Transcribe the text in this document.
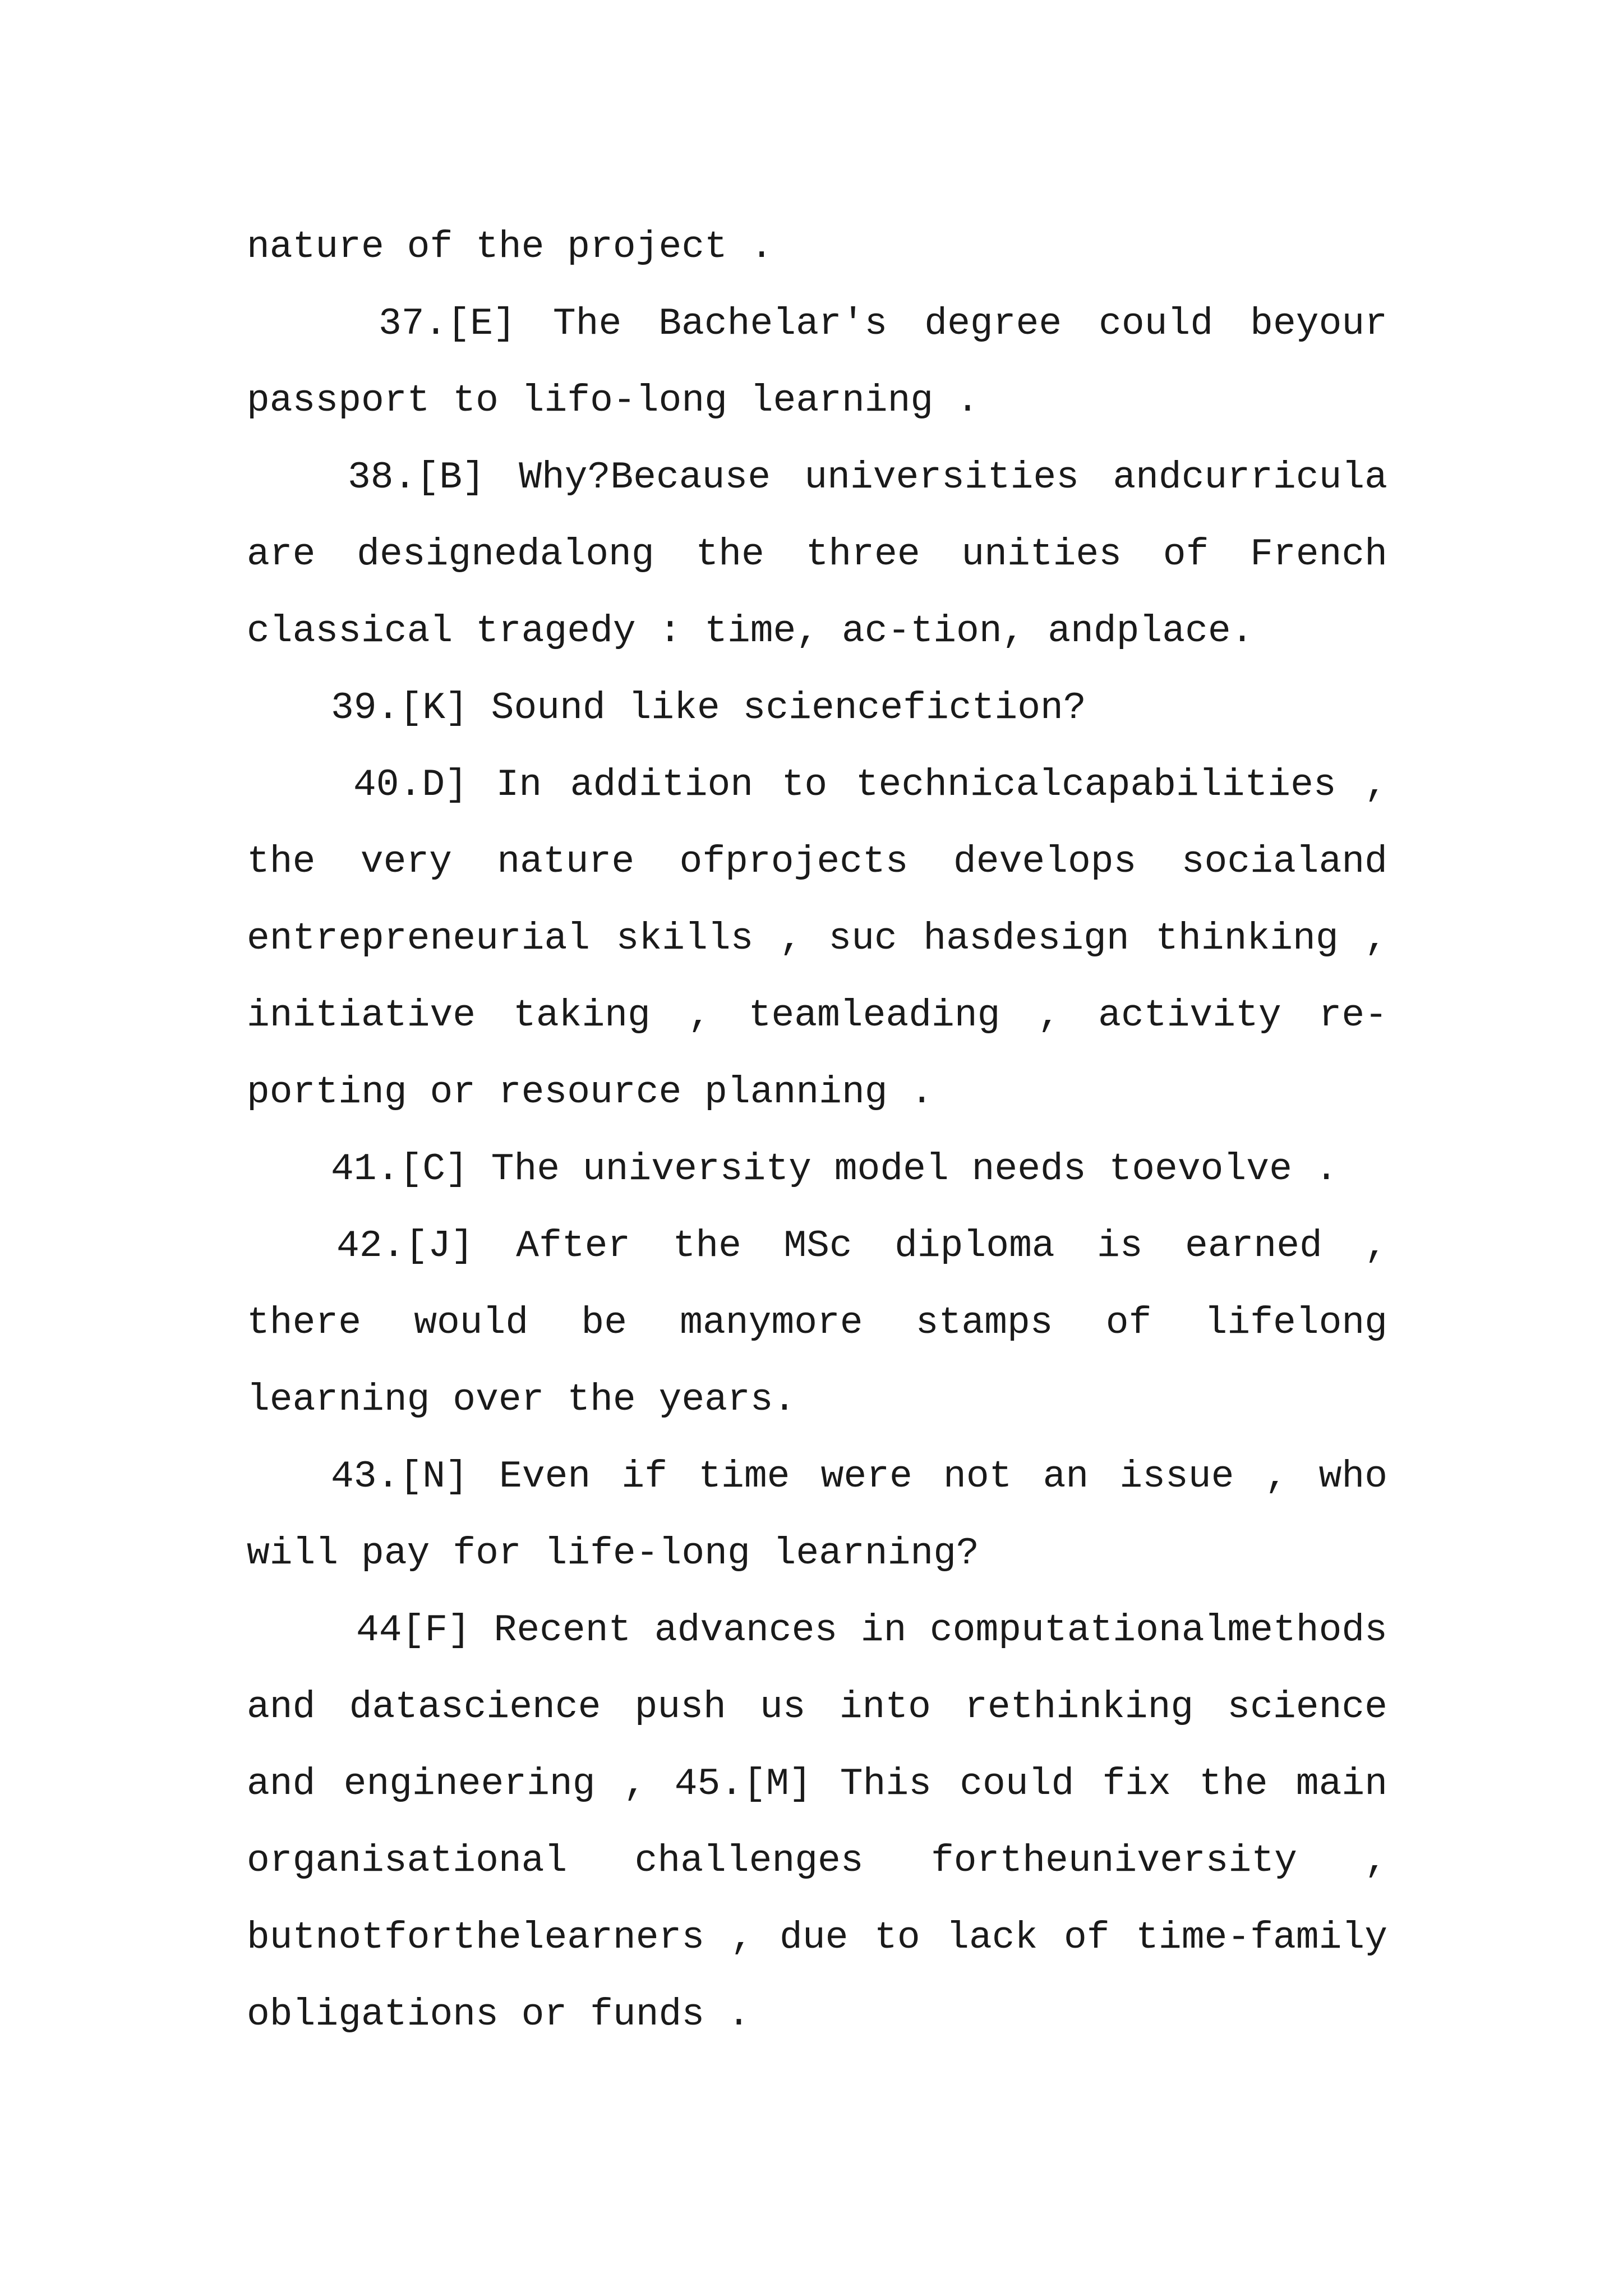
nature of the project .

37.[E] The Bachelar's degree could beyour passport to lifo-long learning .

38.[B] Why?Because universities andcurricula are designedalong the three unities of French classical tragedy : time, ac-tion, andplace.

39.[K] Sound like sciencefiction?

40.D] In addition to technicalcapabilities , the very nature ofprojects develops socialand entrepreneurial skills , suc hasdesign thinking , initiative taking , teamleading , activity re-porting or resource planning .

41.[C] The university model needs toevolve .

42.[J] After the MSc diploma is earned , there would be manymore stamps of lifelong learning over the years.

43.[N] Even if time were not an issue , who will pay for life-long learning?

44[F] Recent advances in computationalmethods and datascience push us into rethinking science and engineering , 45.[M] This could fix the main organisational challenges fortheuniversity , butnotforthelearners , due to lack of time-family obligations or funds .
